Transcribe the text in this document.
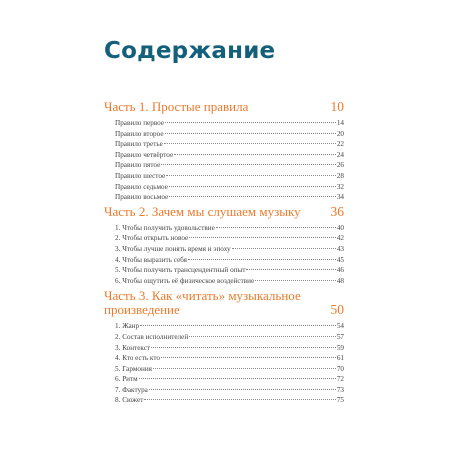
Содержание
Часть 1. Простые правила	10
Правило первое	14
Правило второе	20
Правило третье	22
Правило четвёртое	24
Правило пятое	26
Правило шестое	28
Правило седьмое	32
Правило восьмое	34
Часть 2. Зачем мы слушаем музыку	36
1. Чтобы получить удовольствие	40
2. Чтобы открыть новое	42
3. Чтобы лучше понять время и эпоху	43
4. Чтобы выразить себя	45
5. Чтобы получить трансцендентный опыт	46
6. Чтобы ощутить её физическое воздействие	48
Часть 3. Как «читать» музыкальное произведение	50
1. Жанр	54
2. Состав исполнителей	57
3. Контекст	59
4. Кто есть кто	61
5. Гармония	70
6. Ритм	72
7. Фактура	73
8. Сюжет	75
